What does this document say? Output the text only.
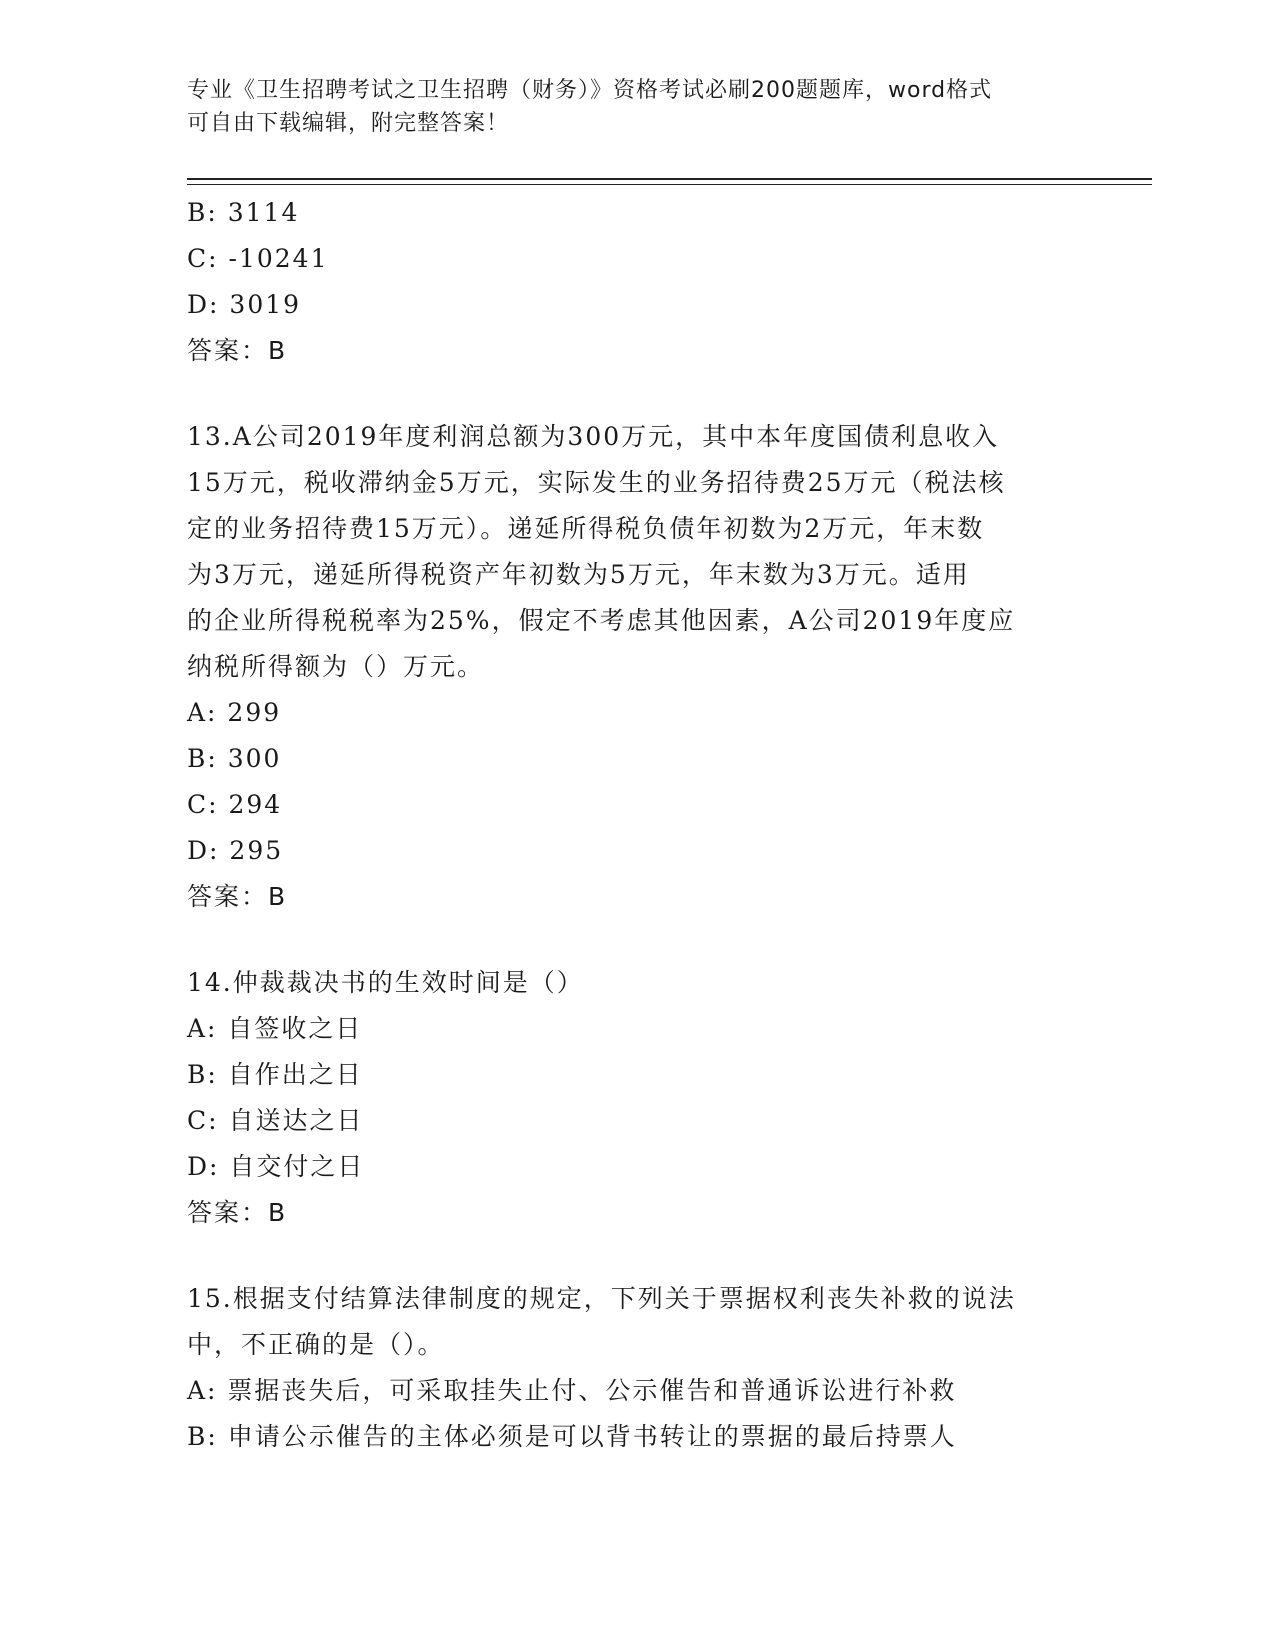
专业《卫生招聘考试之卫生招聘（财务）》资格考试必刷200题题库，word格式
可自由下载编辑，附完整答案！
B: 3114
C: -10241
D: 3019
答案：B
13.A公司2019年度利润总额为300万元，其中本年度国债利息收入
15万元，税收滞纳金5万元，实际发生的业务招待费25万元（税法核
定的业务招待费15万元）。递延所得税负债年初数为2万元，年末数
为3万元，递延所得税资产年初数为5万元，年末数为3万元。适用
的企业所得税税率为25%，假定不考虑其他因素，A公司2019年度应
纳税所得额为（）万元。
A: 299
B: 300
C: 294
D: 295
答案：B
14.仲裁裁决书的生效时间是（）
A: 自签收之日
B: 自作出之日
C: 自送达之日
D: 自交付之日
答案：B
15.根据支付结算法律制度的规定，下列关于票据权利丧失补救的说法
中，不正确的是（）。
A: 票据丧失后，可采取挂失止付、公示催告和普通诉讼进行补救
B: 申请公示催告的主体必须是可以背书转让的票据的最后持票人
